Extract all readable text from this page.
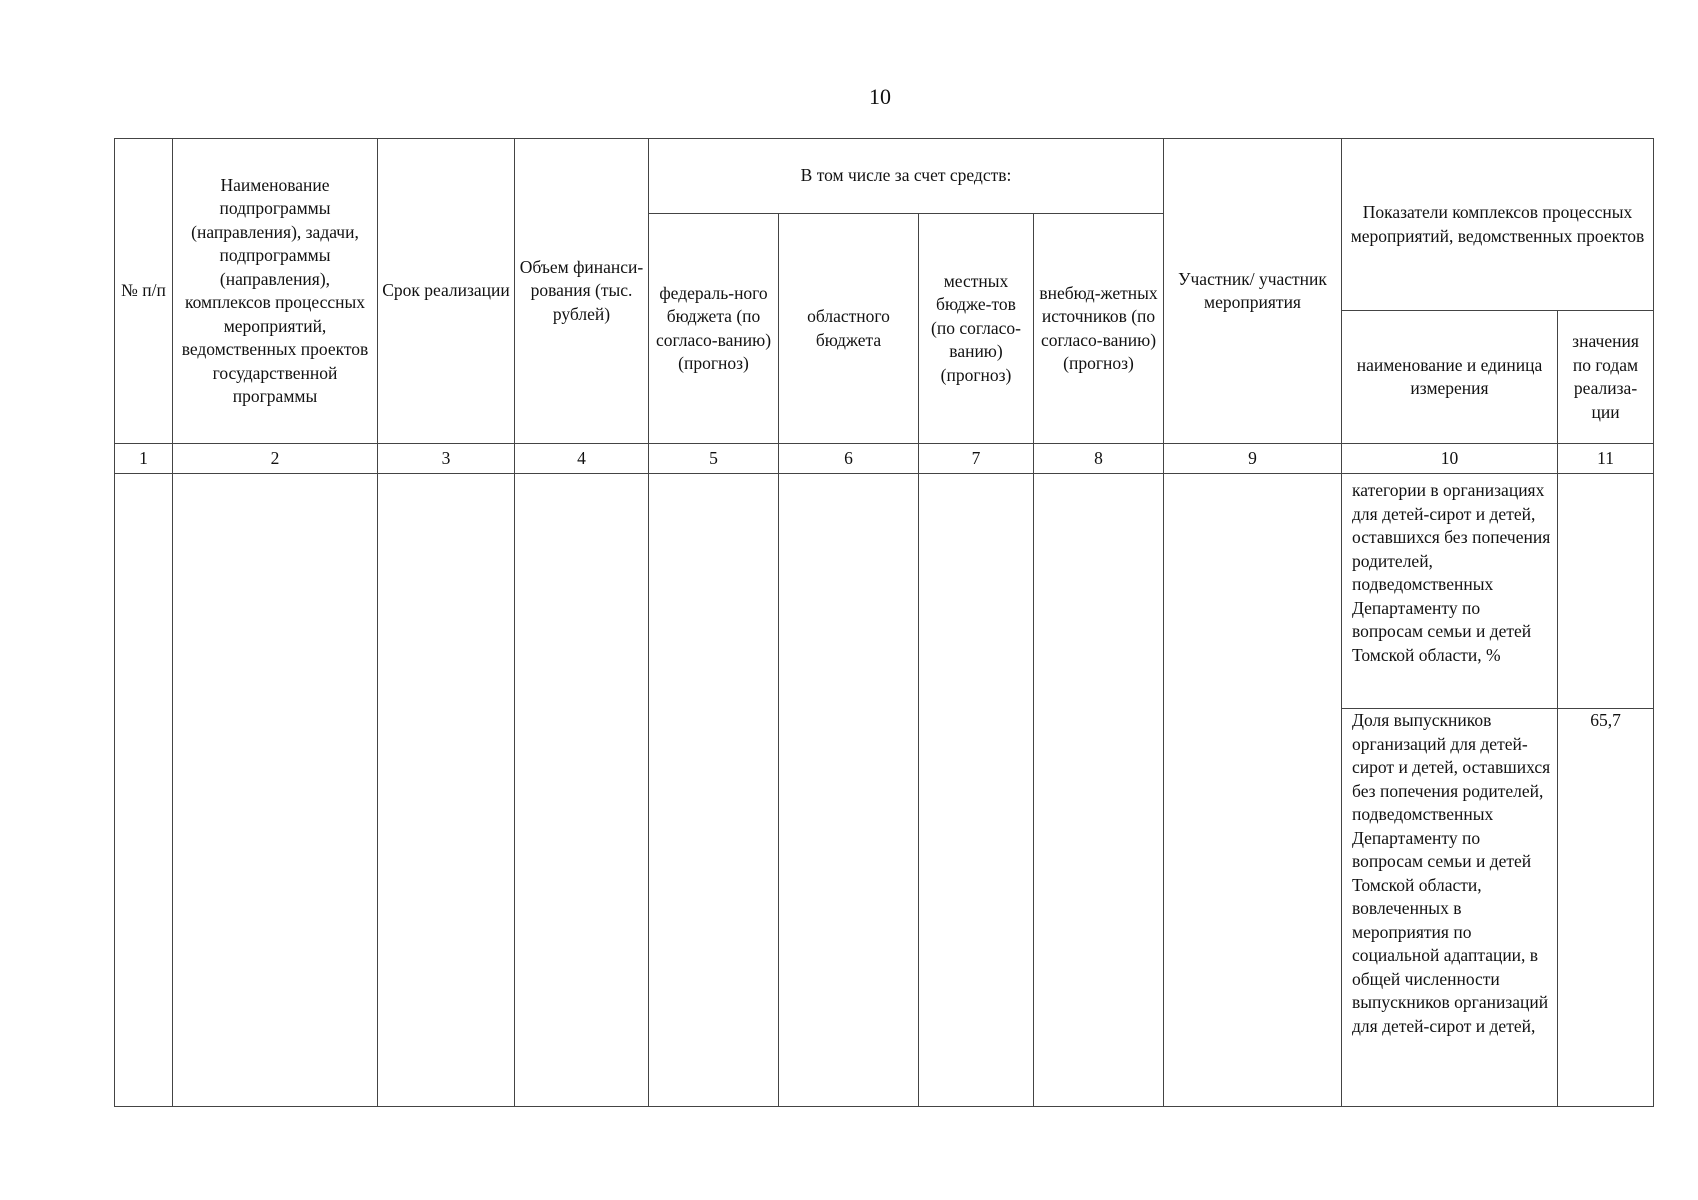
10
№ п/п	Наименование подпрограммы (направления), задачи, подпрограммы (направления), комплексов процессных мероприятий, ведомственных проектов государственной программы	Срок реализации	Объем финанси-рования (тыс. рублей)	В том числе за счет средств:				Участник/ участник мероприятия	Показатели комплексов процессных мероприятий, ведомственных проектов	
				федераль-ного бюджета (по согласо-ванию) (прогноз)	областного бюджета	местных бюдже-тов (по согласо-ванию) (прогноз)	внебюд-жетных источников (по согласо-ванию) (прогноз)			
									наименование и единица измерения	значения по годам реализа-ции
1	2	3	4	5	6	7	8	9	10	11
									категории в организациях для детей-сирот и детей, оставшихся без попечения родителей, подведомственных Департаменту по вопросам семьи и детей Томской области, %	
									Доля выпускников организаций для детей-сирот и детей, оставшихся без попечения родителей, подведомственных Департаменту по вопросам семьи и детей Томской области, вовлеченных в мероприятия по социальной адаптации, в общей численности выпускников организаций для детей-сирот и детей,	65,7
